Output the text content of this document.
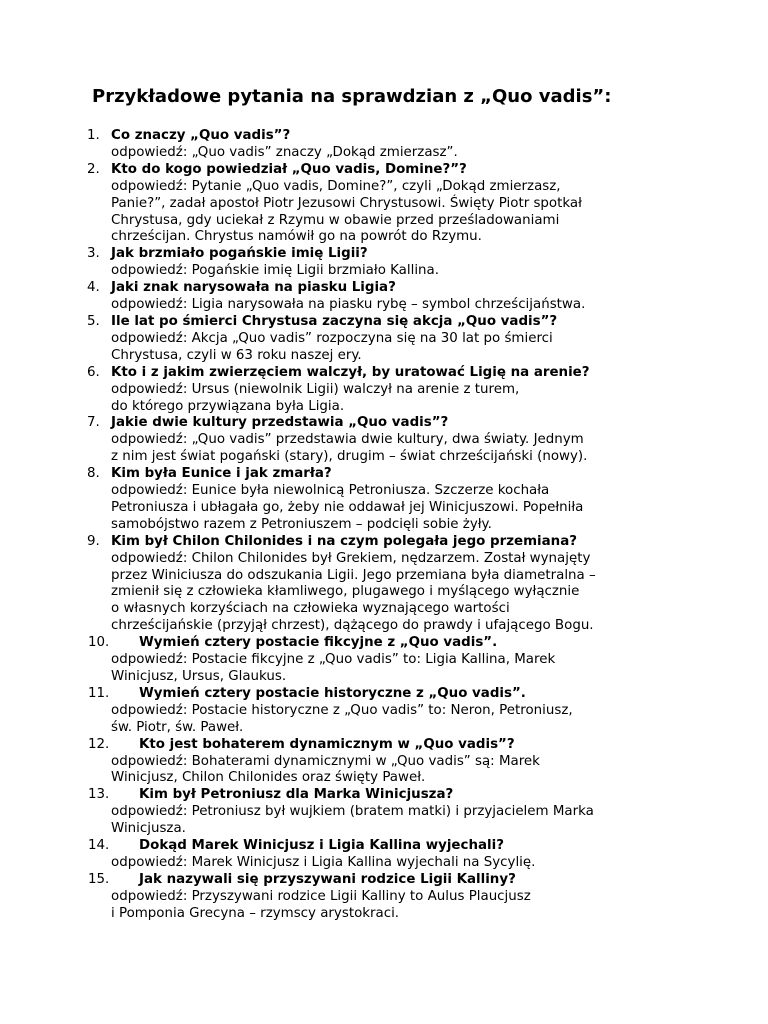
Przykładowe pytania na sprawdzian z „Quo vadis”:
1. Co znaczy „Quo vadis”?
odpowiedź: „Quo vadis” znaczy „Dokąd zmierzasz”.
2. Kto do kogo powiedział „Quo vadis, Domine?”?
odpowiedź: Pytanie „Quo vadis, Domine?”, czyli „Dokąd zmierzasz,
Panie?”, zadał apostoł Piotr Jezusowi Chrystusowi. Święty Piotr spotkał
Chrystusa, gdy uciekał z Rzymu w obawie przed prześladowaniami
chrześcijan. Chrystus namówił go na powrót do Rzymu.
3. Jak brzmiało pogańskie imię Ligii?
odpowiedź: Pogańskie imię Ligii brzmiało Kallina.
4. Jaki znak narysowała na piasku Ligia?
odpowiedź: Ligia narysowała na piasku rybę – symbol chrześcijaństwa.
5. Ile lat po śmierci Chrystusa zaczyna się akcja „Quo vadis”?
odpowiedź: Akcja „Quo vadis” rozpoczyna się na 30 lat po śmierci
Chrystusa, czyli w 63 roku naszej ery.
6. Kto i z jakim zwierzęciem walczył, by uratować Ligię na arenie?
odpowiedź: Ursus (niewolnik Ligii) walczył na arenie z turem,
do którego przywiązana była Ligia.
7. Jakie dwie kultury przedstawia „Quo vadis”?
odpowiedź: „Quo vadis” przedstawia dwie kultury, dwa światy. Jednym
z nim jest świat pogański (stary), drugim – świat chrześcijański (nowy).
8. Kim była Eunice i jak zmarła?
odpowiedź: Eunice była niewolnicą Petroniusza. Szczerze kochała
Petroniusza i ubłagała go, żeby nie oddawał jej Winicjuszowi. Popełniła
samobójstwo razem z Petroniuszem – podcięli sobie żyły.
9. Kim był Chilon Chilonides i na czym polegała jego przemiana?
odpowiedź: Chilon Chilonides był Grekiem, nędzarzem. Został wynajęty
przez Winiciusza do odszukania Ligii. Jego przemiana była diametralna –
zmienił się z człowieka kłamliwego, plugawego i myślącego wyłącznie
o własnych korzyściach na człowieka wyznającego wartości
chrześcijańskie (przyjął chrzest), dążącego do prawdy i ufającego Bogu.
10.	Wymień cztery postacie fikcyjne z „Quo vadis”.
odpowiedź: Postacie fikcyjne z „Quo vadis” to: Ligia Kallina, Marek
Winicjusz, Ursus, Glaukus.
11.	Wymień cztery postacie historyczne z „Quo vadis”.
odpowiedź: Postacie historyczne z „Quo vadis” to: Neron, Petroniusz,
św. Piotr, św. Paweł.
12.	Kto jest bohaterem dynamicznym w „Quo vadis”?
odpowiedź: Bohaterami dynamicznymi w „Quo vadis” są: Marek
Winicjusz, Chilon Chilonides oraz święty Paweł.
13.	Kim był Petroniusz dla Marka Winicjusza?
odpowiedź: Petroniusz był wujkiem (bratem matki) i przyjacielem Marka
Winicjusza.
14.	Dokąd Marek Winicjusz i Ligia Kallina wyjechali?
odpowiedź: Marek Winicjusz i Ligia Kallina wyjechali na Sycylię.
15.	Jak nazywali się przyszywani rodzice Ligii Kalliny?
odpowiedź: Przyszywani rodzice Ligii Kalliny to Aulus Plaucjusz
i Pomponia Grecyna – rzymscy arystokraci.
